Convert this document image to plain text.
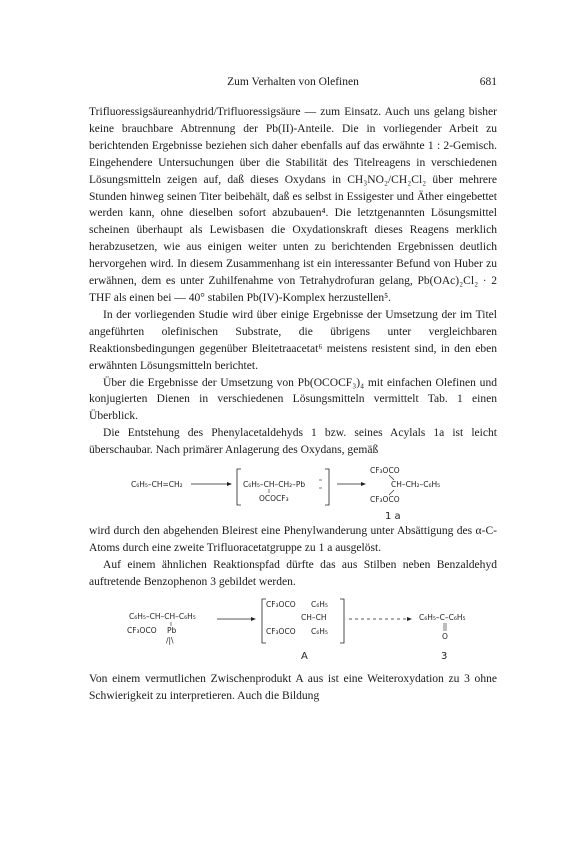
Zum Verhalten von Olefinen	681

Trifluoressigsäureanhydrid/Trifluoressigsäure — zum Einsatz. Auch uns gelang bisher keine brauchbare Abtrennung der Pb(II)-Anteile. Die in vorliegender Arbeit zu berichtenden Ergebnisse beziehen sich daher ebenfalls auf das erwähnte 1 : 2-Gemisch. Eingehendere Untersuchungen über die Stabilität des Titelreagens in verschiedenen Lösungsmitteln zeigen auf, daß dieses Oxydans in CH₃NO₂/CH₂Cl₂ über mehrere Stunden hinweg seinen Titer beibehält, daß es selbst in Essigester und Äther eingebettet werden kann, ohne dieselben sofort abzubauen⁴. Die letztgenannten Lösungsmittel scheinen überhaupt als Lewisbasen die Oxydationskraft dieses Reagens merklich herabzusetzen, wie aus einigen weiter unten zu berichtenden Ergebnissen deutlich hervorgehen wird. In diesem Zusammenhang ist ein interessanter Befund von Huber zu erwähnen, dem es unter Zuhilfenahme von Tetrahydrofuran gelang, Pb(OAc)₂Cl₂ · 2 THF als einen bei — 40° stabilen Pb(IV)-Komplex herzustellen⁵.

In der vorliegenden Studie wird über einige Ergebnisse der Umsetzung der im Titel angeführten olefinischen Substrate, die übrigens unter vergleichbaren Reaktionsbedingungen gegenüber Bleitetraacetat⁶ meistens resistent sind, in den eben erwähnten Lösungsmitteln berichtet.

Über die Ergebnisse der Umsetzung von Pb(OCOCF₃)₄ mit einfachen Olefinen und konjugierten Dienen in verschiedenen Lösungsmitteln vermittelt Tab. 1 einen Überblick.

Die Entstehung des Phenylacetaldehyds 1 bzw. seines Acylals 1a ist leicht überschaubar. Nach primärer Anlagerung des Oxydans, gemäß

C₆H₅–CH=CH₂	C₆H₅–CH–CH₂–Pb
OCOCF₃
CF₃OCO
CH–CH₂–C₆H₅
CF₃OCO
1 a

wird durch den abgehenden Bleirest eine Phenylwanderung unter Absättigung des α-C-Atoms durch eine zweite Trifluoracetatgruppe zu 1 a ausgelöst.

Auf einem ähnlichen Reaktionspfad dürfte das aus Stilben neben Benzaldehyd auftretende Benzophenon 3 gebildet werden.

C₆H₅–CH–CH–C₆H₅
CF₃OCO Pb
/|\
CF₃OCO C₆H₅
CH–CH
CF₃OCO C₆H₅
C₆H₅–C–C₆H₅
O
A	3

Von einem vermutlichen Zwischenprodukt A aus ist eine Weiteroxydation zu 3 ohne Schwierigkeit zu interpretieren. Auch die Bildung
